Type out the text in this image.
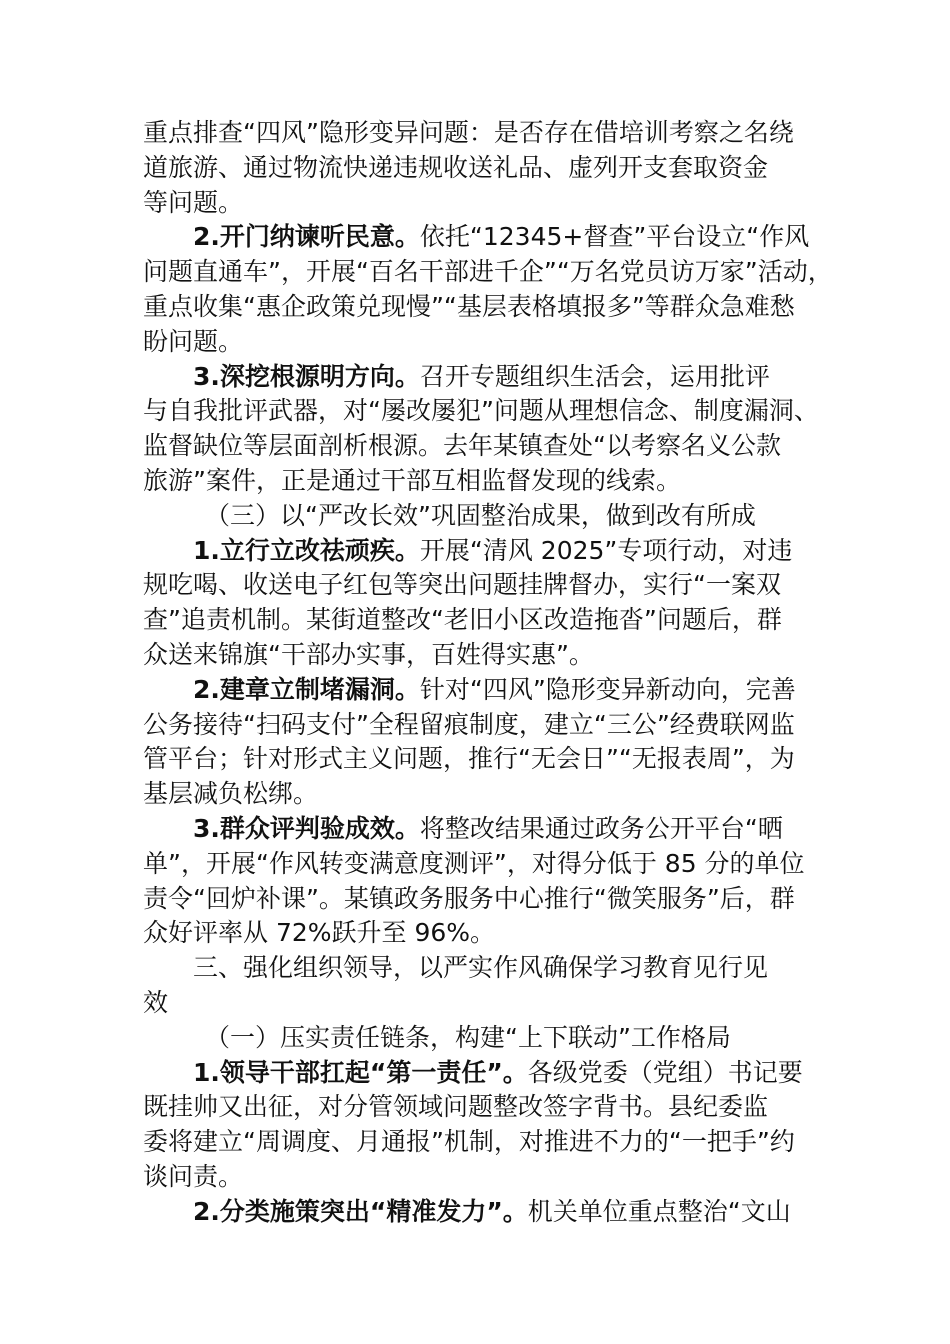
重点排查“四风”隐形变异问题：是否存在借培训考察之名绕
道旅游、通过物流快递违规收送礼品、虚列开支套取资金
等问题。
2.开门纳谏听民意。依托“12345+督查”平台设立“作风
问题直通车”，开展“百名干部进千企”“万名党员访万家”活动，
重点收集“惠企政策兑现慢”“基层表格填报多”等群众急难愁
盼问题。
3.深挖根源明方向。召开专题组织生活会，运用批评
与自我批评武器，对“屡改屡犯”问题从理想信念、制度漏洞、
监督缺位等层面剖析根源。去年某镇查处“以考察名义公款
旅游”案件，正是通过干部互相监督发现的线索。
（三）以“严改长效”巩固整治成果，做到改有所成
1.立行立改祛顽疾。开展“清风 2025”专项行动，对违
规吃喝、收送电子红包等突出问题挂牌督办，实行“一案双
查”追责机制。某街道整改“老旧小区改造拖沓”问题后，群
众送来锦旗“干部办实事，百姓得实惠”。
2.建章立制堵漏洞。针对“四风”隐形变异新动向，完善
公务接待“扫码支付”全程留痕制度，建立“三公”经费联网监
管平台；针对形式主义问题，推行“无会日”“无报表周”，为
基层减负松绑。
3.群众评判验成效。将整改结果通过政务公开平台“晒
单”，开展“作风转变满意度测评”，对得分低于 85 分的单位
责令“回炉补课”。某镇政务服务中心推行“微笑服务”后，群
众好评率从 72%跃升至 96%。
三、强化组织领导，以严实作风确保学习教育见行见
效
（一）压实责任链条，构建“上下联动”工作格局
1.领导干部扛起“第一责任”。各级党委（党组）书记要
既挂帅又出征，对分管领域问题整改签字背书。县纪委监
委将建立“周调度、月通报”机制，对推进不力的“一把手”约
谈问责。
2.分类施策突出“精准发力”。机关单位重点整治“文山
